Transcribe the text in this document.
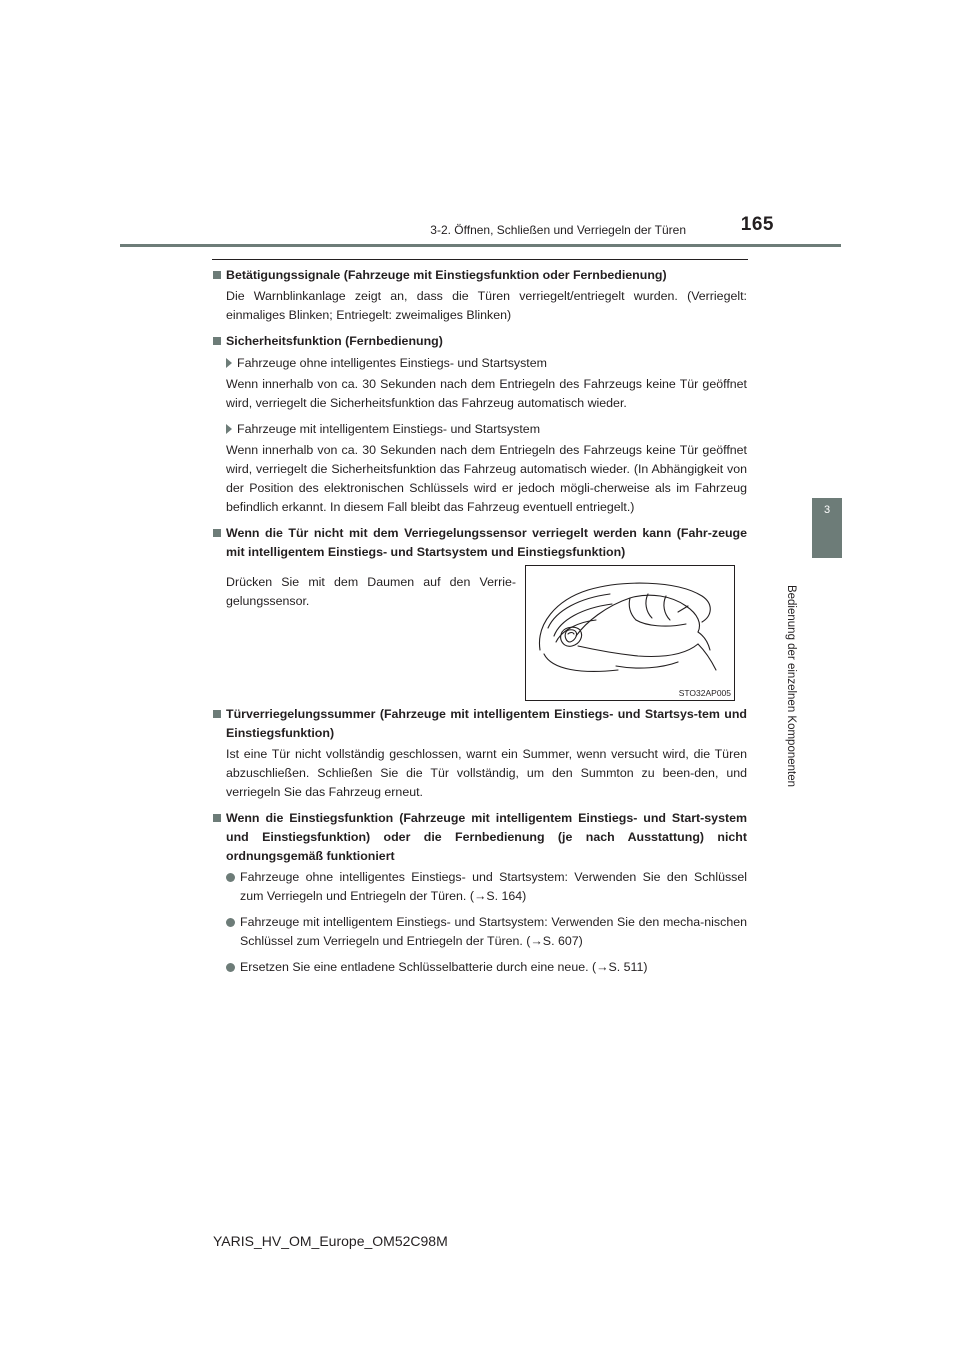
3-2. Öffnen, Schließen und Verriegeln der Türen	165
3
Bedienung der einzelnen Komponenten
Betätigungssignale (Fahrzeuge mit Einstiegsfunktion oder Fernbedienung)

Die Warnblinkanlage zeigt an, dass die Türen verriegelt/entriegelt wurden. (Verriegelt: einmaliges Blinken; Entriegelt: zweimaliges Blinken)

Sicherheitsfunktion (Fernbedienung)
Fahrzeuge ohne intelligentes Einstiegs- und Startsystem

Wenn innerhalb von ca. 30 Sekunden nach dem Entriegeln des Fahrzeugs keine Tür geöffnet wird, verriegelt die Sicherheitsfunktion das Fahrzeug automatisch wieder.

Fahrzeuge mit intelligentem Einstiegs- und Startsystem

Wenn innerhalb von ca. 30 Sekunden nach dem Entriegeln des Fahrzeugs keine Tür geöffnet wird, verriegelt die Sicherheitsfunktion das Fahrzeug automatisch wieder. (In Abhängigkeit von der Position des elektronischen Schlüssels wird er jedoch mögli-cherweise als im Fahrzeug befindlich erkannt. In diesem Fall bleibt das Fahrzeug eventuell entriegelt.)

Wenn die Tür nicht mit dem Verriegelungssensor verriegelt werden kann (Fahr-zeuge mit intelligentem Einstiegs- und Startsystem und Einstiegsfunktion)
Drücken Sie mit dem Daumen auf den Verrie-gelungssensor.
STO32AP005
Türverriegelungssummer (Fahrzeuge mit intelligentem Einstiegs- und Startsys-tem und Einstiegsfunktion)

Ist eine Tür nicht vollständig geschlossen, warnt ein Summer, wenn versucht wird, die Türen abzuschließen. Schließen Sie die Tür vollständig, um den Summton zu been-den, und verriegeln Sie das Fahrzeug erneut.

Wenn die Einstiegsfunktion (Fahrzeuge mit intelligentem Einstiegs- und Start-system und Einstiegsfunktion) oder die Fernbedienung (je nach Ausstattung) nicht ordnungsgemäß funktioniert
Fahrzeuge ohne intelligentes Einstiegs- und Startsystem: Verwenden Sie den Schlüssel zum Verriegeln und Entriegeln der Türen. (→S. 164)
Fahrzeuge mit intelligentem Einstiegs- und Startsystem: Verwenden Sie den mecha-nischen Schlüssel zum Verriegeln und Entriegeln der Türen. (→S. 607)
Ersetzen Sie eine entladene Schlüsselbatterie durch eine neue. (→S. 511)
YARIS_HV_OM_Europe_OM52C98M
